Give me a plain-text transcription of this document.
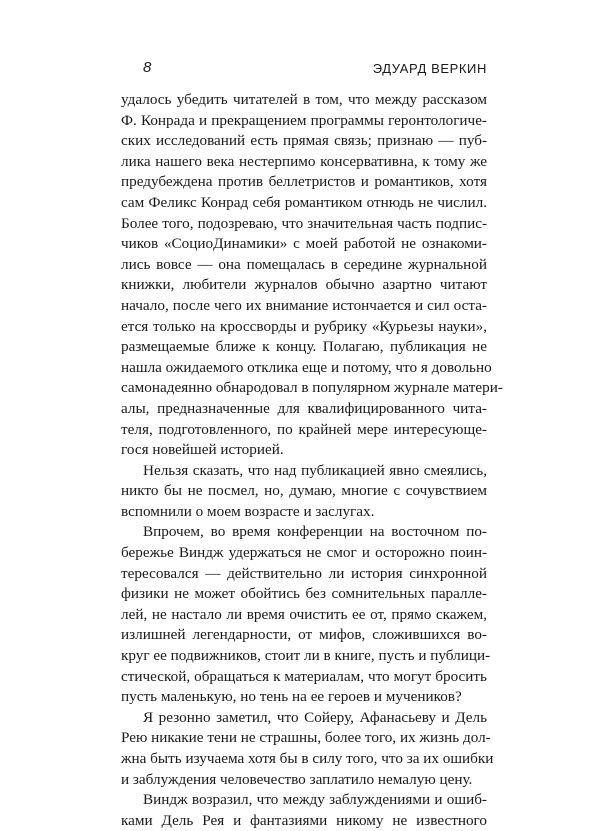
8	ЭДУАРД ВЕРКИН
удалось убедить читателей в том, что между рассказом
Ф. Конрада и прекращением программы геронтологиче-
ских исследований есть прямая связь; признаю — пуб-
лика нашего века нестерпимо консервативна, к тому же
предубеждена против беллетристов и романтиков, хотя
сам Феликс Конрад себя романтиком отнюдь не числил.
Более того, подозреваю, что значительная часть подпис-
чиков «СоциоДинамики» с моей работой не ознакоми-
лись вовсе — она помещалась в середине журнальной
книжки, любители журналов обычно азартно читают
начало, после чего их внимание истончается и сил оста-
ется только на кроссворды и рубрику «Курьезы науки»,
размещаемые ближе к концу. Полагаю, публикация не
нашла ожидаемого отклика еще и потому, что я довольно
самонадеянно обнародовал в популярном журнале матери-
алы, предназначенные для квалифицированного чита-
теля, подготовленного, по крайней мере интересующе-
гося новейшей историей.
Нельзя сказать, что над публикацией явно смеялись,
никто бы не посмел, но, думаю, многие с сочувствием
вспомнили о моем возрасте и заслугах.
Впрочем, во время конференции на восточном по-
бережье Виндж удержаться не смог и осторожно поин-
тересовался — действительно ли история синхронной
физики не может обойтись без сомнительных паралле-
лей, не настало ли время очистить ее от, прямо скажем,
излишней легендарности, от мифов, сложившихся во-
круг ее подвижников, стоит ли в книге, пусть и публици-
стической, обращаться к материалам, что могут бросить
пусть маленькую, но тень на ее героев и мучеников?
Я резонно заметил, что Сойеру, Афанасьеву и Дель
Рею никакие тени не страшны, более того, их жизнь дол-
жна быть изучаема хотя бы в силу того, что за их ошибки
и заблуждения человечество заплатило немалую цену.
Виндж возразил, что между заблуждениями и ошиб-
ками Дель Рея и фантазиями никому не известного
